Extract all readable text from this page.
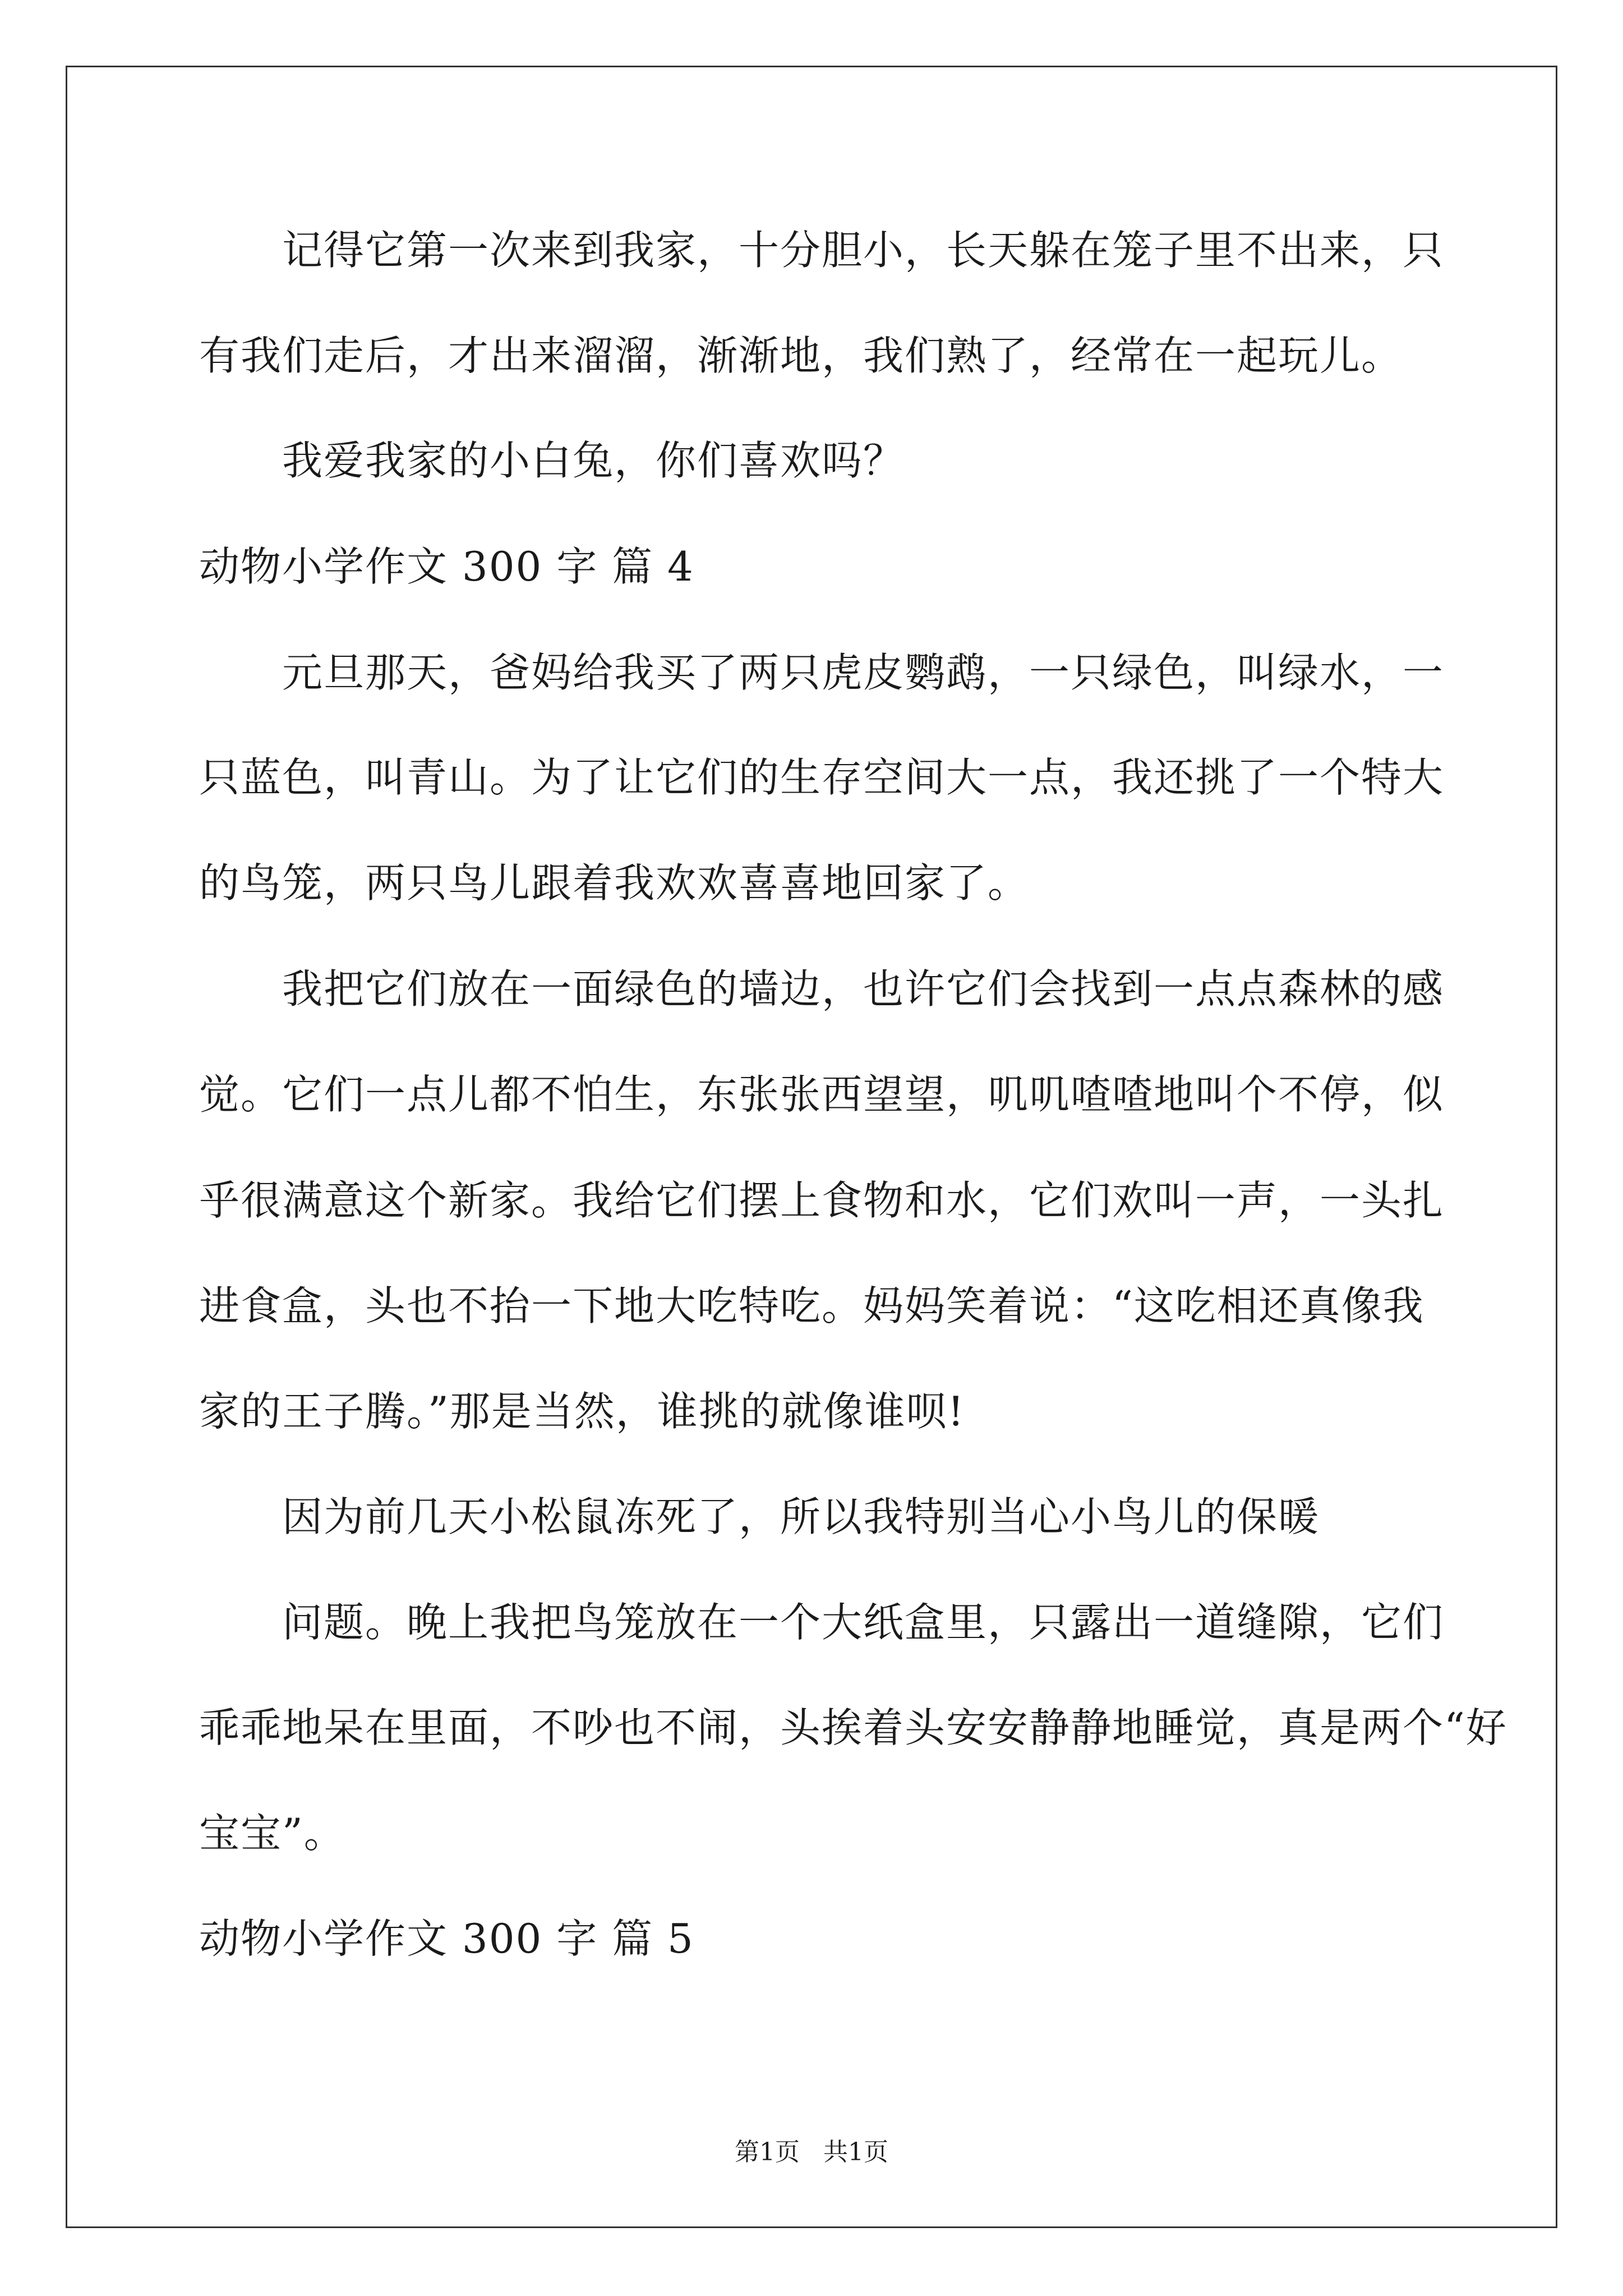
记得它第一次来到我家，十分胆小，长天躲在笼子里不出来，只
有我们走后，才出来溜溜，渐渐地，我们熟了，经常在一起玩儿。
我爱我家的小白兔，你们喜欢吗？
动物小学作文 300 字 篇 4
元旦那天，爸妈给我买了两只虎皮鹦鹉，一只绿色，叫绿水，一
只蓝色，叫青山。为了让它们的生存空间大一点，我还挑了一个特大
的鸟笼，两只鸟儿跟着我欢欢喜喜地回家了。
我把它们放在一面绿色的墙边，也许它们会找到一点点森林的感
觉。它们一点儿都不怕生，东张张西望望，叽叽喳喳地叫个不停，似
乎很满意这个新家。我给它们摆上食物和水，它们欢叫一声，一头扎
进食盒，头也不抬一下地大吃特吃。妈妈笑着说：“这吃相还真像我
家的王子腾。”那是当然，谁挑的就像谁呗!
因为前几天小松鼠冻死了，所以我特别当心小鸟儿的保暖
问题。晚上我把鸟笼放在一个大纸盒里，只露出一道缝隙，它们
乖乖地呆在里面，不吵也不闹，头挨着头安安静静地睡觉，真是两个“好
宝宝”。
动物小学作文 300 字 篇 5
第1页   共1页
